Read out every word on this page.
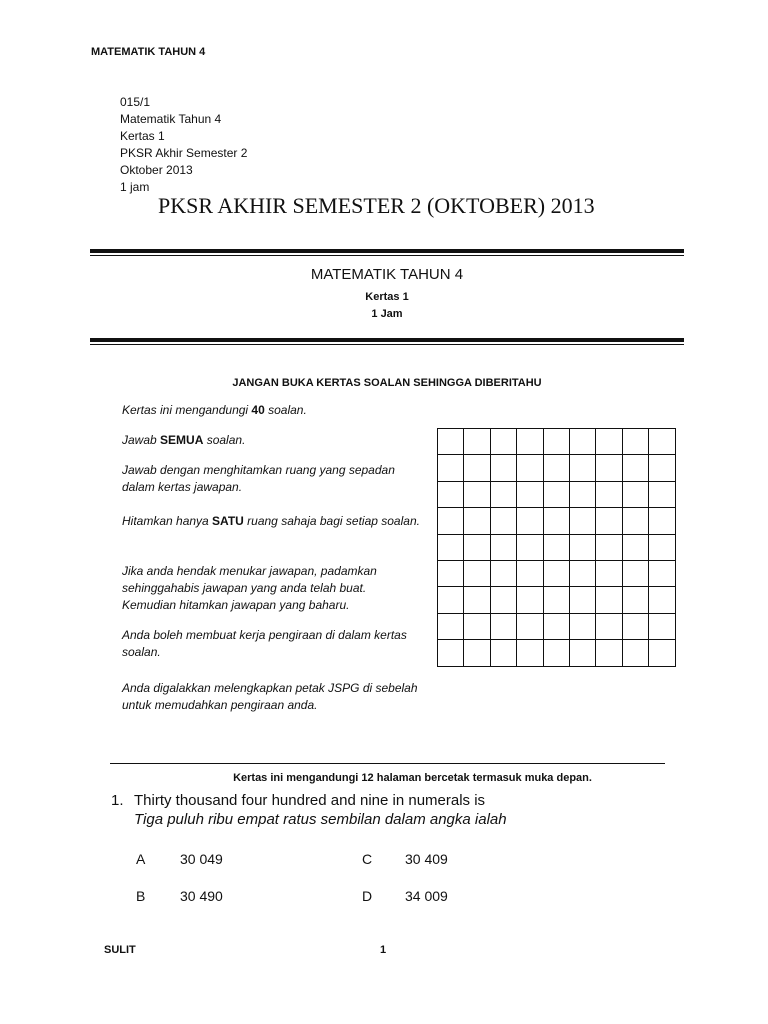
MATEMATIK TAHUN 4
015/1
Matematik Tahun 4
Kertas 1
PKSR Akhir Semester 2
Oktober 2013
1 jam
PKSR AKHIR SEMESTER 2 (OKTOBER) 2013
MATEMATIK TAHUN 4
Kertas 1
1 Jam
JANGAN BUKA KERTAS SOALAN SEHINGGA DIBERITAHU
Kertas ini mengandungi 40 soalan.
Jawab SEMUA soalan.
Jawab dengan menghitamkan ruang yang sepadan dalam kertas jawapan.
Hitamkan hanya SATU ruang sahaja bagi setiap soalan.
Jika anda hendak menukar jawapan, padamkan
sehinggahabis jawapan yang anda telah buat.
Kemudian hitamkan jawapan yang baharu.
Anda boleh membuat kerja pengiraan di dalam kertas soalan.
Anda digalakkan melengkapkan petak JSPG di sebelah untuk memudahkan pengiraan anda.

Kertas ini mengandungi 12 halaman bercetak termasuk muka depan.
1. Thirty thousand four hundred and nine in numerals is
Tiga puluh ribu empat ratus sembilan dalam angka ialah
A 30 049	C 30 409
B 30 490	D 34 009
SULIT	1
